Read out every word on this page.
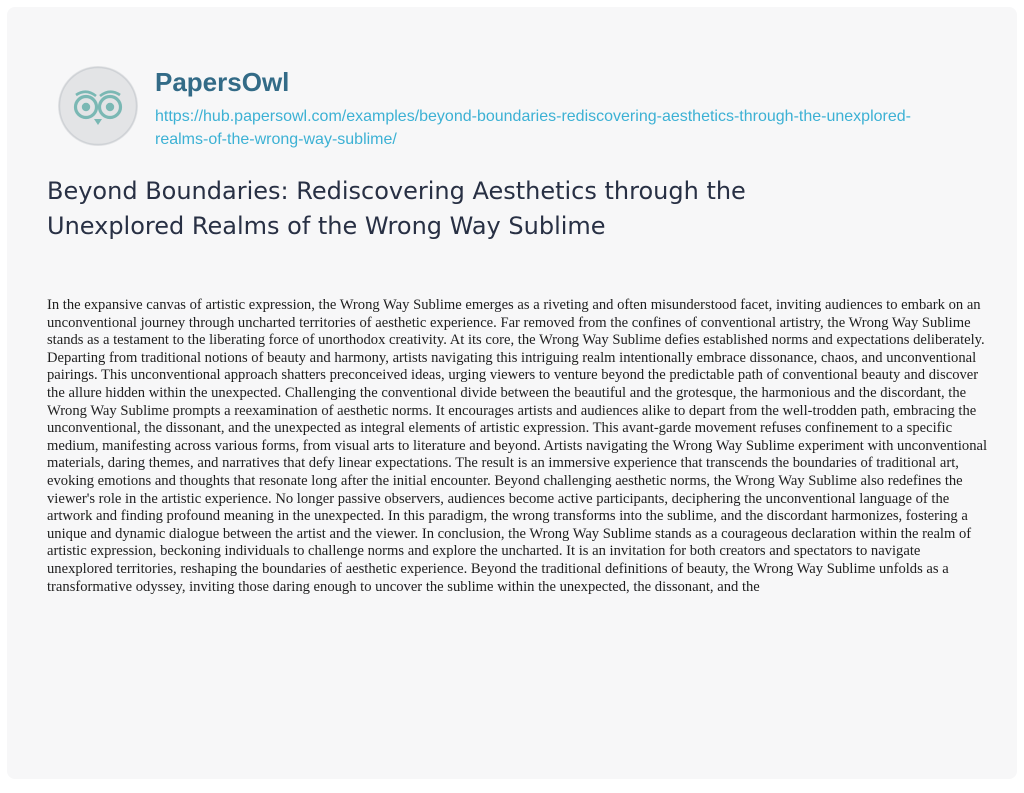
PapersOwl
https://hub.papersowl.com/examples/beyond-boundaries-rediscovering-aesthetics-through-the-unexplored-realms-of-the-wrong-way-sublime/
Beyond Boundaries: Rediscovering Aesthetics through the Unexplored Realms of the Wrong Way Sublime

In the expansive canvas of artistic expression, the Wrong Way Sublime emerges as a riveting and often misunderstood facet, inviting audiences to embark on an unconventional journey through uncharted territories of aesthetic experience. Far removed from the confines of conventional artistry, the Wrong Way Sublime stands as a testament to the liberating force of unorthodox creativity. At its core, the Wrong Way Sublime defies established norms and expectations deliberately. Departing from traditional notions of beauty and harmony, artists navigating this intriguing realm intentionally embrace dissonance, chaos, and unconventional pairings. This unconventional approach shatters preconceived ideas, urging viewers to venture beyond the predictable path of conventional beauty and discover the allure hidden within the unexpected. Challenging the conventional divide between the beautiful and the grotesque, the harmonious and the discordant, the Wrong Way Sublime prompts a reexamination of aesthetic norms. It encourages artists and audiences alike to depart from the well-trodden path, embracing the unconventional, the dissonant, and the unexpected as integral elements of artistic expression. This avant-garde movement refuses confinement to a specific medium, manifesting across various forms, from visual arts to literature and beyond. Artists navigating the Wrong Way Sublime experiment with unconventional materials, daring themes, and narratives that defy linear expectations. The result is an immersive experience that transcends the boundaries of traditional art, evoking emotions and thoughts that resonate long after the initial encounter. Beyond challenging aesthetic norms, the Wrong Way Sublime also redefines the viewer's role in the artistic experience. No longer passive observers, audiences become active participants, deciphering the unconventional language of the artwork and finding profound meaning in the unexpected. In this paradigm, the wrong transforms into the sublime, and the discordant harmonizes, fostering a unique and dynamic dialogue between the artist and the viewer. In conclusion, the Wrong Way Sublime stands as a courageous declaration within the realm of artistic expression, beckoning individuals to challenge norms and explore the uncharted. It is an invitation for both creators and spectators to navigate unexplored territories, reshaping the boundaries of aesthetic experience. Beyond the traditional definitions of beauty, the Wrong Way Sublime unfolds as a transformative odyssey, inviting those daring enough to uncover the sublime within the unexpected, the dissonant, and the
